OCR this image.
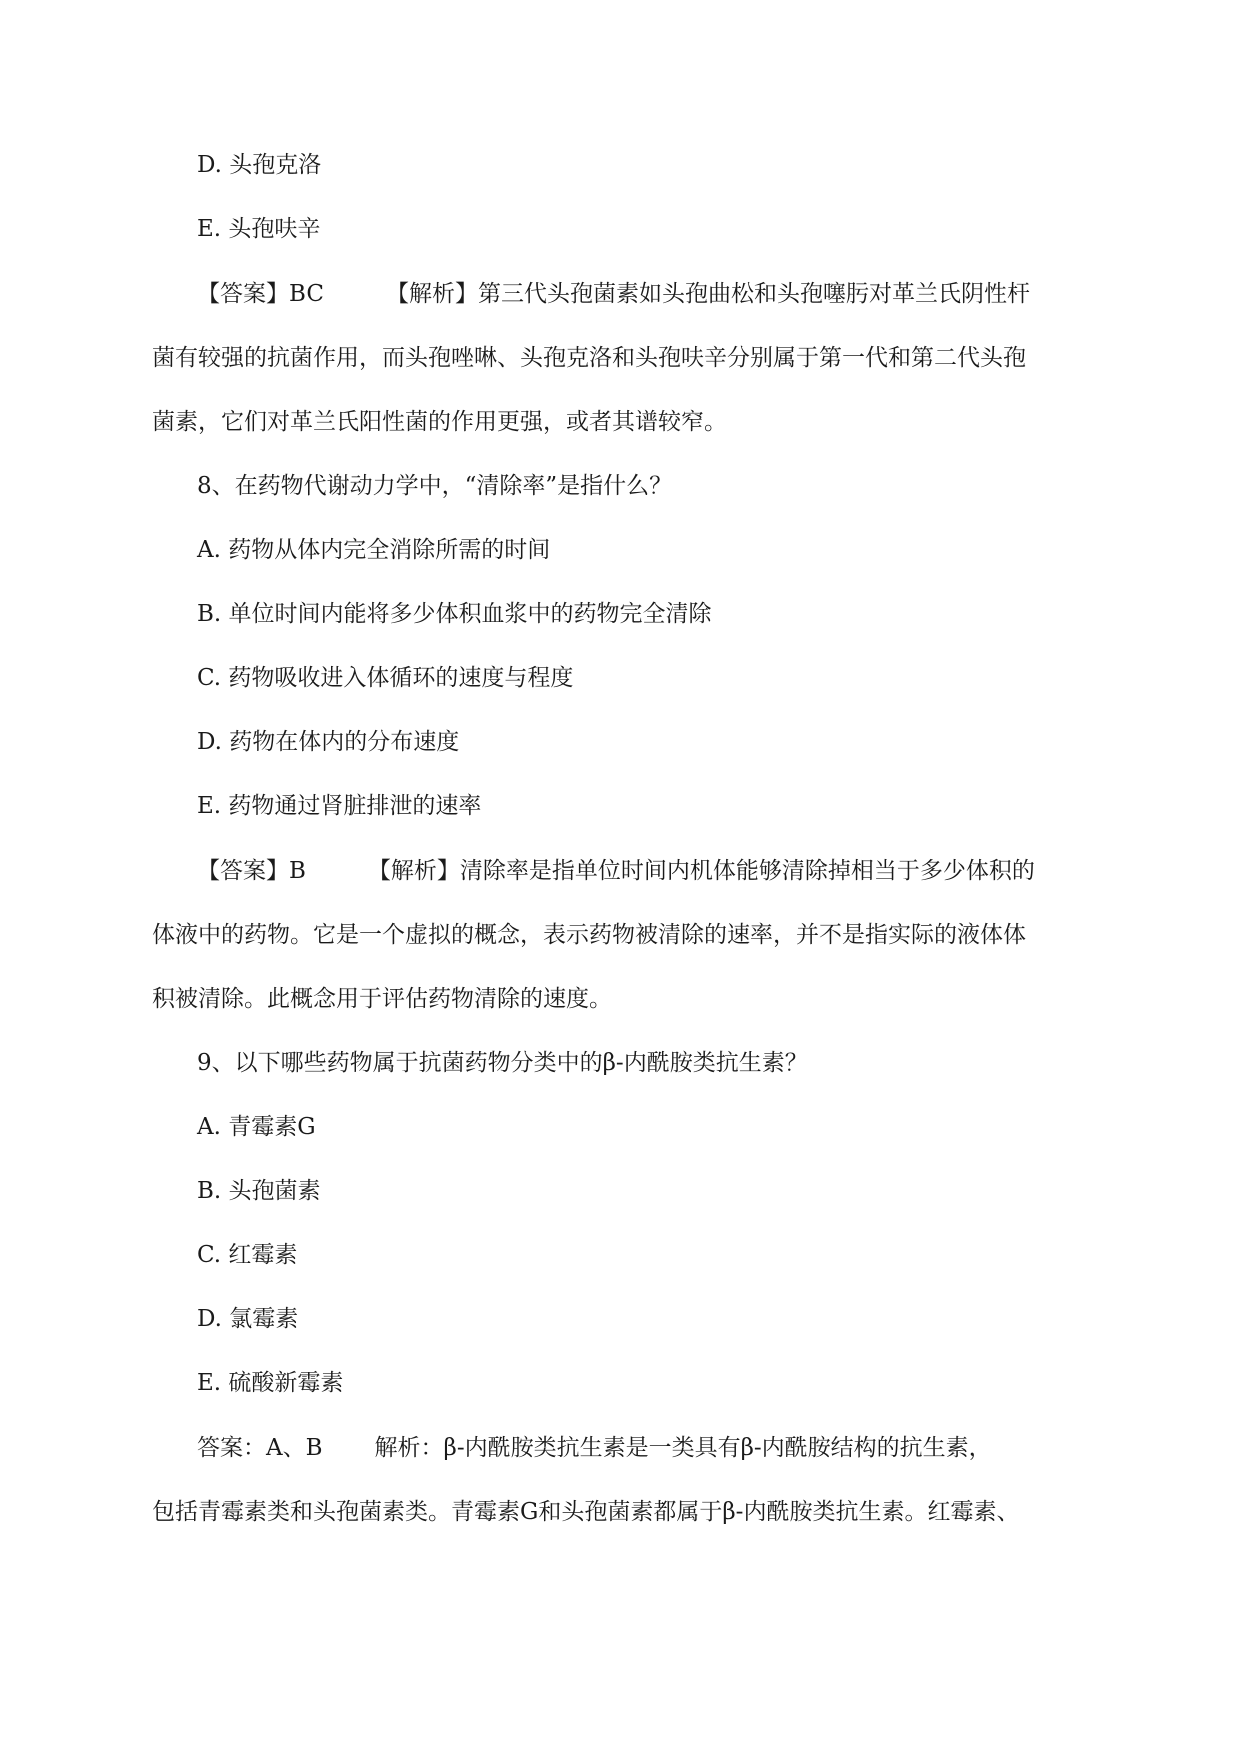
D. 头孢克洛
E. 头孢呋辛
【答案】BC	【解析】第三代头孢菌素如头孢曲松和头孢噻肟对革兰氏阴性杆
菌有较强的抗菌作用，而头孢唑啉、头孢克洛和头孢呋辛分别属于第一代和第二代头孢
菌素，它们对革兰氏阳性菌的作用更强，或者其谱较窄。
8、在药物代谢动力学中，“清除率”是指什么？
A. 药物从体内完全消除所需的时间
B. 单位时间内能将多少体积血浆中的药物完全清除
C. 药物吸收进入体循环的速度与程度
D. 药物在体内的分布速度
E. 药物通过肾脏排泄的速率
【答案】B	【解析】清除率是指单位时间内机体能够清除掉相当于多少体积的
体液中的药物。它是一个虚拟的概念，表示药物被清除的速率，并不是指实际的液体体
积被清除。此概念用于评估药物清除的速度。
9、以下哪些药物属于抗菌药物分类中的β-内酰胺类抗生素？
A. 青霉素G
B. 头孢菌素
C. 红霉素
D. 氯霉素
E. 硫酸新霉素
答案：A、B 解析：β-内酰胺类抗生素是一类具有β-内酰胺结构的抗生素，
包括青霉素类和头孢菌素类。青霉素G和头孢菌素都属于β-内酰胺类抗生素。红霉素、
